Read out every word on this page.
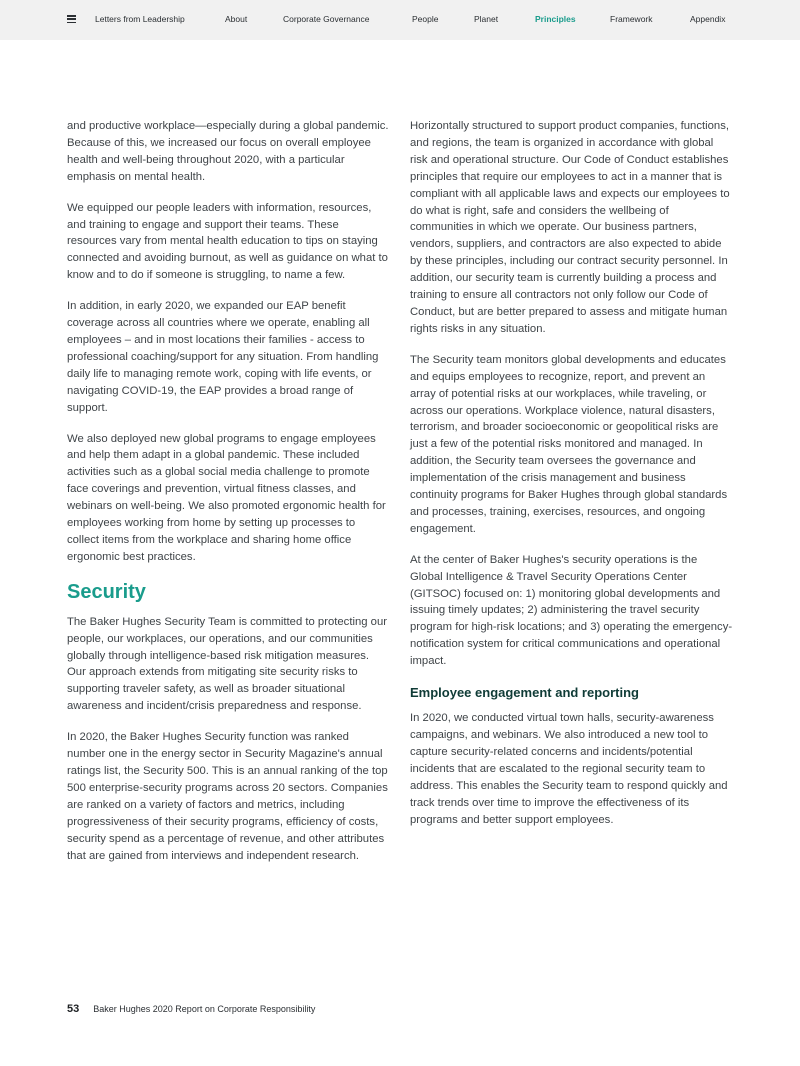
Letters from Leadership	About	Corporate Governance	People	Planet	Principles	Framework	Appendix

and productive workplace—especially during a global pandemic. Because of this, we increased our focus on overall employee health and well-being throughout 2020, with a particular emphasis on mental health.

We equipped our people leaders with information, resources, and training to engage and support their teams. These resources vary from mental health education to tips on staying connected and avoiding burnout, as well as guidance on what to know and to do if someone is struggling, to name a few.

In addition, in early 2020, we expanded our EAP benefit coverage across all countries where we operate, enabling all employees – and in most locations their families - access to professional coaching/support for any situation. From handling daily life to managing remote work, coping with life events, or navigating COVID-19, the EAP provides a broad range of support.

We also deployed new global programs to engage employees and help them adapt in a global pandemic. These included activities such as a global social media challenge to promote face coverings and prevention, virtual fitness classes, and webinars on well-being. We also promoted ergonomic health for employees working from home by setting up processes to collect items from the workplace and sharing home office ergonomic best practices.

Security

The Baker Hughes Security Team is committed to protecting our people, our workplaces, our operations, and our communities globally through intelligence-based risk mitigation measures. Our approach extends from mitigating site security risks to supporting traveler safety, as well as broader situational awareness and incident/crisis preparedness and response.

In 2020, the Baker Hughes Security function was ranked number one in the energy sector in Security Magazine's annual ratings list, the Security 500. This is an annual ranking of the top 500 enterprise-security programs across 20 sectors. Companies are ranked on a variety of factors and metrics, including progressiveness of their security programs, efficiency of costs, security spend as a percentage of revenue, and other attributes that are gained from interviews and independent research.

Horizontally structured to support product companies, functions, and regions, the team is organized in accordance with global risk and operational structure. Our Code of Conduct establishes principles that require our employees to act in a manner that is compliant with all applicable laws and expects our employees to do what is right, safe and considers the wellbeing of communities in which we operate. Our business partners, vendors, suppliers, and contractors are also expected to abide by these principles, including our contract security personnel. In addition, our security team is currently building a process and training to ensure all contractors not only follow our Code of Conduct, but are better prepared to assess and mitigate human rights risks in any situation.

The Security team monitors global developments and educates and equips employees to recognize, report, and prevent an array of potential risks at our workplaces, while traveling, or across our operations. Workplace violence, natural disasters, terrorism, and broader socioeconomic or geopolitical risks are just a few of the potential risks monitored and managed. In addition, the Security team oversees the governance and implementation of the crisis management and business continuity programs for Baker Hughes through global standards and processes, training, exercises, resources, and ongoing engagement.

At the center of Baker Hughes's security operations is the Global Intelligence & Travel Security Operations Center (GITSOC) focused on: 1) monitoring global developments and issuing timely updates; 2) administering the travel security program for high-risk locations; and 3) operating the emergency-notification system for critical communications and operational impact.

Employee engagement and reporting

In 2020, we conducted virtual town halls, security-awareness campaigns, and webinars. We also introduced a new tool to capture security-related concerns and incidents/potential incidents that are escalated to the regional security team to address. This enables the Security team to respond quickly and track trends over time to improve the effectiveness of its programs and better support employees.

53 Baker Hughes 2020 Report on Corporate Responsibility
